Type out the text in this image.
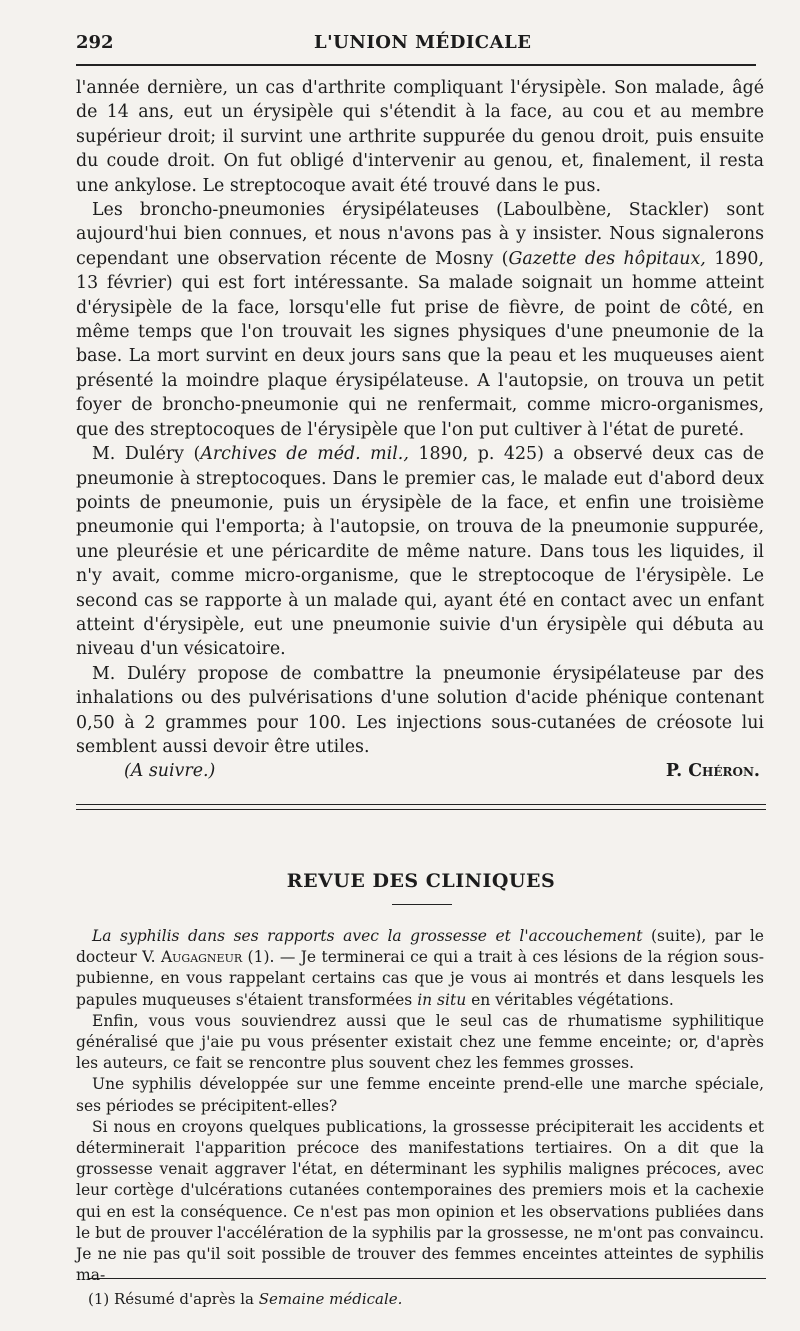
292	L'UNION MÉDICALE

l'année dernière, un cas d'arthrite compliquant l'érysipèle. Son malade, âgé de 14 ans, eut un érysipèle qui s'étendit à la face, au cou et au membre supérieur droit; il survint une arthrite suppurée du genou droit, puis ensuite du coude droit. On fut obligé d'intervenir au genou, et, finalement, il resta une ankylose. Le streptocoque avait été trouvé dans le pus.

Les broncho-pneumonies érysipélateuses (Laboulbène, Stackler) sont aujourd'hui bien connues, et nous n'avons pas à y insister. Nous signalerons cependant une observation récente de Mosny (Gazette des hôpitaux, 1890, 13 février) qui est fort intéressante. Sa malade soignait un homme atteint d'érysipèle de la face, lorsqu'elle fut prise de fièvre, de point de côté, en même temps que l'on trouvait les signes physiques d'une pneumonie de la base. La mort survint en deux jours sans que la peau et les muqueuses aient présenté la moindre plaque érysipélateuse. A l'autopsie, on trouva un petit foyer de broncho-pneumonie qui ne renfermait, comme micro-organismes, que des streptocoques de l'érysipèle que l'on put cultiver à l'état de pureté.

M. Duléry (Archives de méd. mil., 1890, p. 425) a observé deux cas de pneumonie à streptocoques. Dans le premier cas, le malade eut d'abord deux points de pneumonie, puis un érysipèle de la face, et enfin une troisième pneumonie qui l'emporta; à l'autopsie, on trouva de la pneumonie suppurée, une pleurésie et une péricardite de même nature. Dans tous les liquides, il n'y avait, comme micro-organisme, que le streptocoque de l'érysipèle. Le second cas se rapporte à un malade qui, ayant été en contact avec un enfant atteint d'érysipèle, eut une pneumonie suivie d'un érysipèle qui débuta au niveau d'un vésicatoire.

M. Duléry propose de combattre la pneumonie érysipélateuse par des inhalations ou des pulvérisations d'une solution d'acide phénique contenant 0,50 à 2 grammes pour 100. Les injections sous-cutanées de créosote lui semblent aussi devoir être utiles.

(A suivre.)	P. Chéron.
REVUE DES CLINIQUES

La syphilis dans ses rapports avec la grossesse et l'accouchement (suite), par le docteur V. Augagneur (1). — Je terminerai ce qui a trait à ces lésions de la région sous-pubienne, en vous rappelant certains cas que je vous ai montrés et dans lesquels les papules muqueuses s'étaient transformées in situ en véritables végétations.

Enfin, vous vous souviendrez aussi que le seul cas de rhumatisme syphilitique généralisé que j'aie pu vous présenter existait chez une femme enceinte; or, d'après les auteurs, ce fait se rencontre plus souvent chez les femmes grosses.

Une syphilis développée sur une femme enceinte prend-elle une marche spéciale, ses périodes se précipitent-elles?

Si nous en croyons quelques publications, la grossesse précipiterait les accidents et déterminerait l'apparition précoce des manifestations tertiaires. On a dit que la grossesse venait aggraver l'état, en déterminant les syphilis malignes précoces, avec leur cortège d'ulcérations cutanées contemporaines des premiers mois et la cachexie qui en est la conséquence. Ce n'est pas mon opinion et les observations publiées dans le but de prouver l'accélération de la syphilis par la grossesse, ne m'ont pas convaincu. Je ne nie pas qu'il soit possible de trouver des femmes enceintes atteintes de syphilis ma-

(1) Résumé d'après la Semaine médicale.
